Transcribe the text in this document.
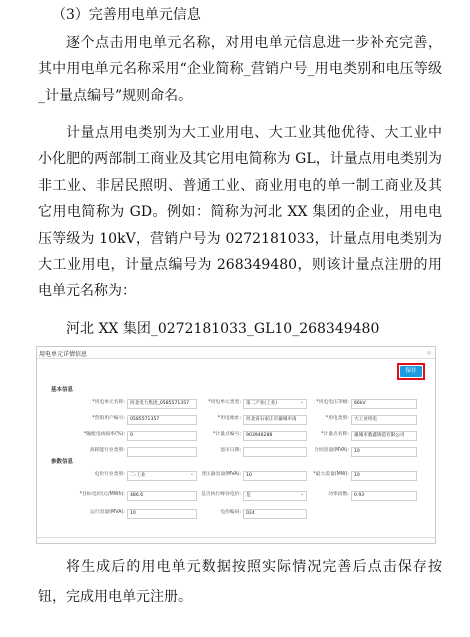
（3）完善用电单元信息
逐个点击用电单元名称，对用电单元信息进一步补充完善，其中用电单元名称采用“企业简称_营销户号_用电类别和电压等级_计量点编号”规则命名。
计量点用电类别为大工业用电、大工业其他优待、大工业中小化肥的两部制工商业及其它用电简称为 GL，计量点用电类别为非工业、非居民照明、普通工业、商业用电的单一制工商业及其它用电简称为 GD。例如：简称为河北 XX 集团的企业，用电电压等级为 10kV，营销户号为 0272181033，计量点用电类别为大工业用电，计量点编号为 268349480，则该计量点注册的用电单元名称为：
河北 XX 集团_0272181033_GL10_268349480
用电单元详情信息
保存
基本信息
*用电单元名称:	河北电力集团_0585571357	*用电单元类型:	第二产业(工业) ⌄	*用电电压等级:	66kV
*营销用户编号:	0585571357	*用电地址:	河北省石家庄市藁城市南	*用电类别:	大工业用电
*输配电线损率(%):	0	*计量点编号:	903946288	*计量点名称:	藁城市鼎鑫铸造有限公司
高耗能行业类别:	退市日期:	合同容量(MVA):	10
参数信息
电价行业类别:	二-工业 ⌄	变压器容量(MVA):	10	*最大需量(MW):	10
*目标电价(元/MWh):	486.6	是否执行峰谷电价:	是 ⌄	功率因数:	0.93
运行容量(MVA):	10	电价编码:	024
将生成后的用电单元数据按照实际情况完善后点击保存按钮，完成用电单元注册。
